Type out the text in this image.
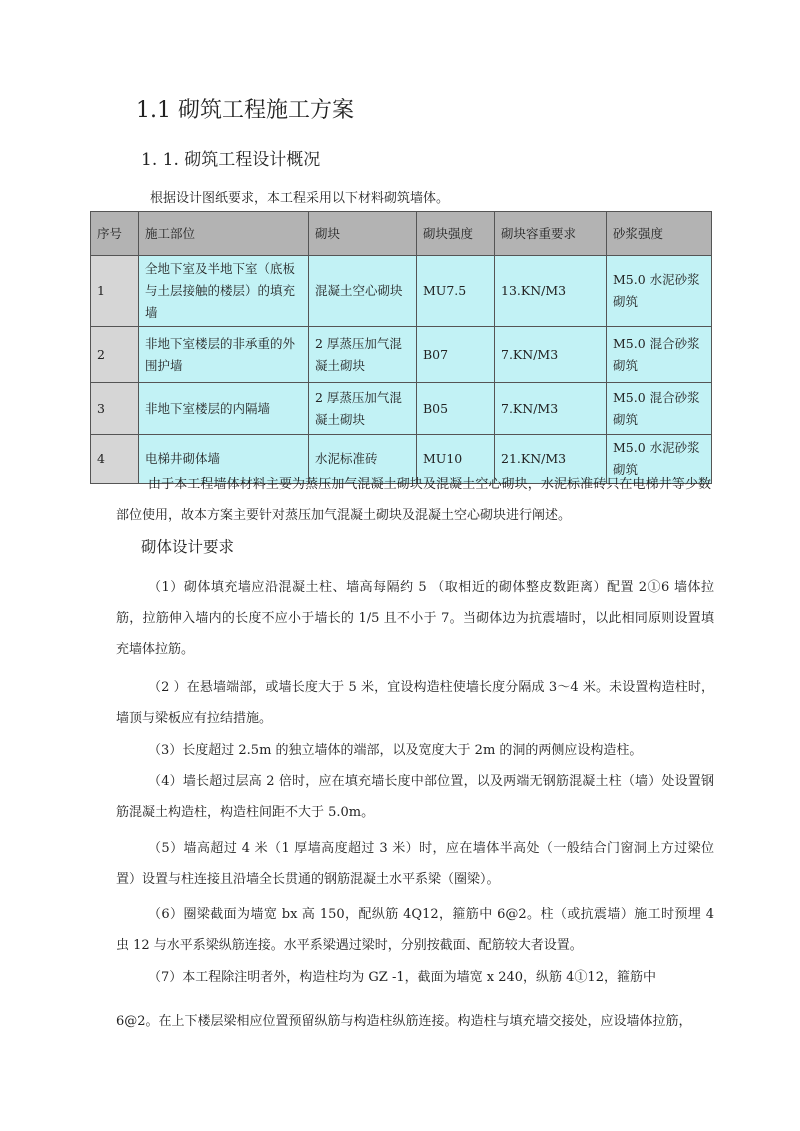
1.1 砌筑工程施工方案
1. 1. 砌筑工程设计概况

根据设计图纸要求，本工程采用以下材料砌筑墙体。

序号	施工部位	砌块	砌块强度	砌块容重要求	砂浆强度
1	全地下室及半地下室（底板与土层接触的楼层）的填充墙	混凝土空心砌块	MU7.5	13.KN/M3	M5.0 水泥砂浆砌筑
2	非地下室楼层的非承重的外围护墙	2 厚蒸压加气混凝土砌块	B07	7.KN/M3	M5.0 混合砂浆砌筑
3	非地下室楼层的内隔墙	2 厚蒸压加气混凝土砌块	B05	7.KN/M3	M5.0 混合砂浆砌筑
4	电梯井砌体墙	水泥标准砖	MU10	21.KN/M3	M5.0 水泥砂浆砌筑

由于本工程墙体材料主要为蒸压加气混凝土砌块及混凝土空心砌块，水泥标准砖只在电梯井等少数部位使用，故本方案主要针对蒸压加气混凝土砌块及混凝土空心砌块进行阐述。

砌体设计要求

（1）砌体填充墙应沿混凝土柱、墙高每隔约 5 （取相近的砌体整皮数距离）配置 2①6 墙体拉筋，拉筋伸入墙内的长度不应小于墙长的 1/5 且不小于 7。当砌体边为抗震墙时，以此相同原则设置填充墙体拉筋。

（2 ）在悬墙端部，或墙长度大于 5 米，宜设构造柱使墙长度分隔成 3〜4 米。未设置构造柱时，墙顶与梁板应有拉结措施。

（3）长度超过 2.5m 的独立墙体的端部，以及宽度大于 2m 的洞的两侧应设构造柱。

（4）墙长超过层高 2 倍时，应在填充墙长度中部位置，以及两端无钢筋混凝土柱（墙）处设置钢筋混凝土构造柱，构造柱间距不大于 5.0m。

（5）墙高超过 4 米（1 厚墙高度超过 3 米）时，应在墙体半高处（一般结合门窗洞上方过梁位置）设置与柱连接且沿墙全长贯通的钢筋混凝土水平系梁（圈梁）。

（6）圈梁截面为墙宽 bx 高 150，配纵筋 4Q12，箍筋中 6@2。柱（或抗震墙）施工时预埋 4 虫 12 与水平系梁纵筋连接。水平系梁遇过梁时，分别按截面、配筋较大者设置。

（7）本工程除注明者外，构造柱均为 GZ -1，截面为墙宽 x 240，纵筋 4①12，箍筋中

6@2。在上下楼层梁相应位置预留纵筋与构造柱纵筋连接。构造柱与填充墙交接处，应设墙体拉筋，
